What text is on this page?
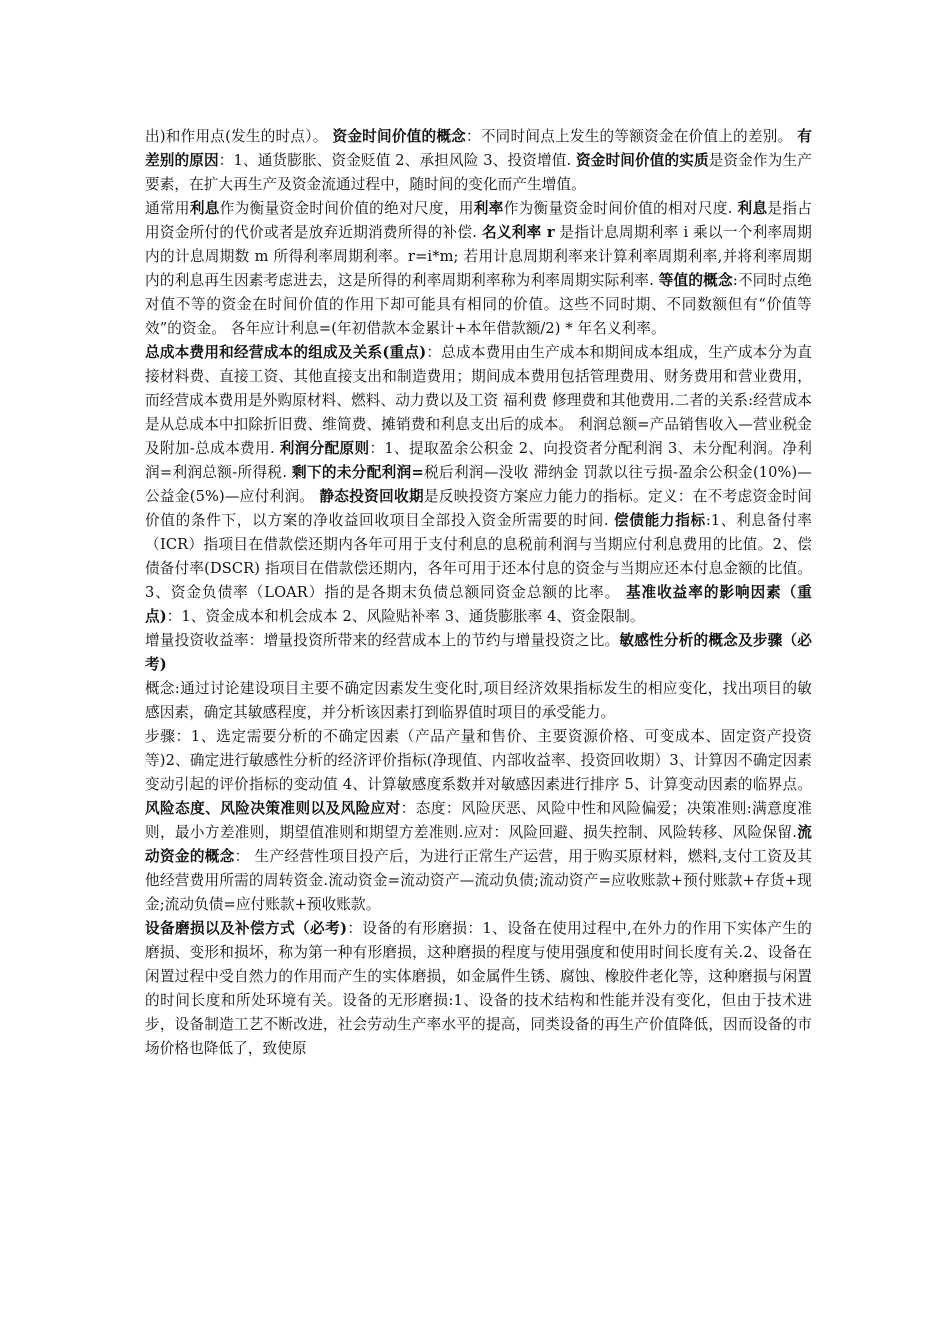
出)和作用点(发生的时点）。 资金时间价值的概念：不同时间点上发生的等额资金在价值上的差别。 有差别的原因：1、通货膨胀、资金贬值 2、承担风险 3、投资增值. 资金时间价值的实质是资金作为生产要素，在扩大再生产及资金流通过程中，随时间的变化而产生增值。

通常用利息作为衡量资金时间价值的绝对尺度，用利率作为衡量资金时间价值的相对尺度. 利息是指占用资金所付的代价或者是放弃近期消费所得的补偿. 名义利率 r 是指计息周期利率 i 乘以一个利率周期内的计息周期数 m 所得利率周期利率。r=i*m; 若用计息周期利率来计算利率周期利率,并将利率周期内的利息再生因素考虑进去，这是所得的利率周期利率称为利率周期实际利率. 等值的概念:不同时点绝对值不等的资金在时间价值的作用下却可能具有相同的价值。这些不同时期、不同数额但有“价值等效”的资金。 各年应计利息=(年初借款本金累计+本年借款额/2) * 年名义利率。

总成本费用和经营成本的组成及关系(重点)：总成本费用由生产成本和期间成本组成，生产成本分为直接材料费、直接工资、其他直接支出和制造费用；期间成本费用包括管理费用、财务费用和营业费用，而经营成本费用是外购原材料、燃料、动力费以及工资 福利费 修理费和其他费用.二者的关系:经营成本是从总成本中扣除折旧费、维简费、摊销费和利息支出后的成本。 利润总额=产品销售收入—营业税金及附加-总成本费用. 利润分配原则：1、提取盈余公积金 2、向投资者分配利润 3、未分配利润。净利润=利润总额-所得税. 剩下的未分配利润=税后利润—没收 滞纳金 罚款以往亏损-盈余公积金(10%)—公益金(5%)—应付利润。 静态投资回收期是反映投资方案应力能力的指标。定义：在不考虑资金时间价值的条件下，以方案的净收益回收项目全部投入资金所需要的时间. 偿债能力指标:1、利息备付率（ICR）指项目在借款偿还期内各年可用于支付利息的息税前利润与当期应付利息费用的比值。2、偿债备付率(DSCR) 指项目在借款偿还期内，各年可用于还本付息的资金与当期应还本付息金额的比值。3、资金负债率（LOAR）指的是各期末负债总额同资金总额的比率。 基准收益率的影响因素（重点)：1、资金成本和机会成本 2、风险贴补率 3、通货膨胀率 4、资金限制。

增量投资收益率：增量投资所带来的经营成本上的节约与增量投资之比。敏感性分析的概念及步骤（必考)

概念:通过讨论建设项目主要不确定因素发生变化时,项目经济效果指标发生的相应变化，找出项目的敏感因素，确定其敏感程度，并分析该因素打到临界值时项目的承受能力。

步骤：1、选定需要分析的不确定因素（产品产量和售价、主要资源价格、可变成本、固定资产投资等)2、确定进行敏感性分析的经济评价指标(净现值、内部收益率、投资回收期）3、计算因不确定因素变动引起的评价指标的变动值 4、计算敏感度系数并对敏感因素进行排序 5、计算变动因素的临界点。风险态度、风险决策准则以及风险应对：态度：风险厌恶、风险中性和风险偏爱；决策准则:满意度准则，最小方差准则，期望值准则和期望方差准则.应对：风险回避、损失控制、风险转移、风险保留.流动资金的概念： 生产经营性项目投产后，为进行正常生产运营，用于购买原材料，燃料,支付工资及其他经营费用所需的周转资金.流动资金=流动资产—流动负债;流动资产=应收账款+预付账款+存货+现金;流动负债=应付账款+预收账款。

设备磨损以及补偿方式（必考)：设备的有形磨损：1、设备在使用过程中,在外力的作用下实体产生的磨损、变形和损坏，称为第一种有形磨损，这种磨损的程度与使用强度和使用时间长度有关.2、设备在闲置过程中受自然力的作用而产生的实体磨损，如金属件生锈、腐蚀、橡胶件老化等，这种磨损与闲置的时间长度和所处环境有关。设备的无形磨损:1、设备的技术结构和性能并没有变化，但由于技术进步，设备制造工艺不断改进，社会劳动生产率水平的提高，同类设备的再生产价值降低，因而设备的市场价格也降低了，致使原
